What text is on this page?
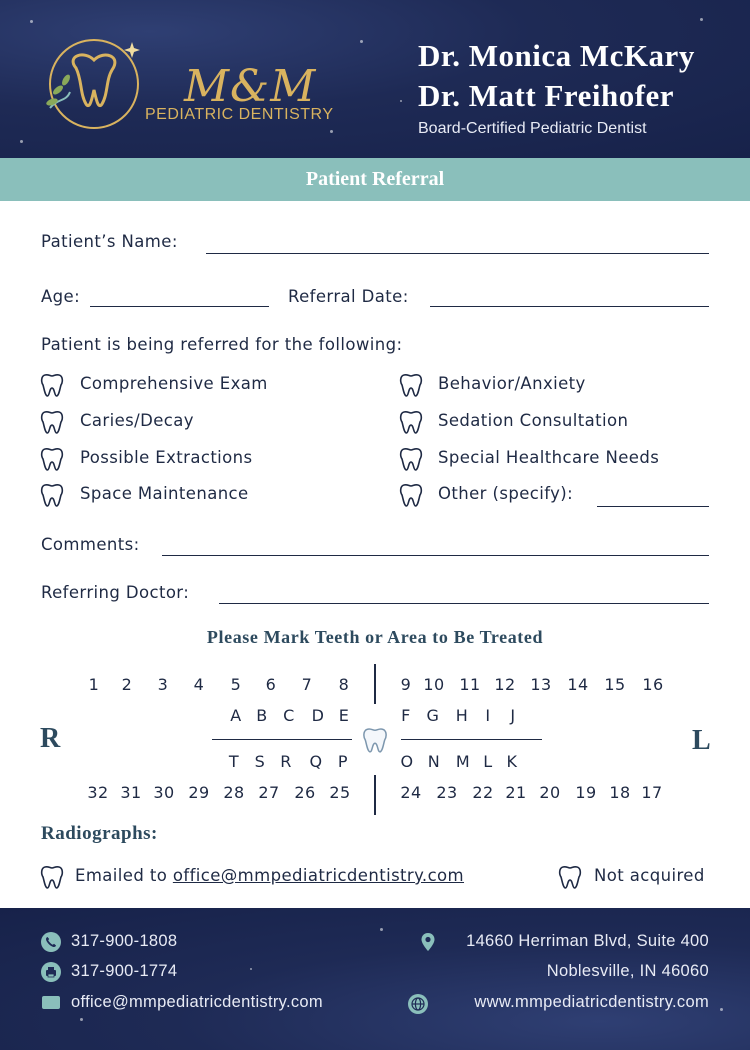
M&M
PEDIATRIC DENTISTRY
Dr. Monica McKary
Dr. Matt Freihofer
Board-Certified Pediatric Dentist
Patient Referral
Patient’s Name:
Age:	Referral Date:
Patient is being referred for the following:
Comprehensive Exam	Behavior/Anxiety
Caries/Decay	Sedation Consultation
Possible Extractions	Special Healthcare Needs
Space Maintenance	Other (specify):
Comments:
Referring Doctor:
Please Mark Teeth or Area to Be Treated
1	2	3	4	5	6	7	8	9 10 11 12 13 14 15 16
A B C	D E	F G	H	I	J
T S R	Q P	O N M L K
32 31 30 29 28 27 26 25	24 23 22 21 20 19 18 17
R	L
Radiographs:
Emailed to office@mmpediatricdentistry.com	Not acquired
317-900-1808
317-900-1774
office@mmpediatricdentistry.com
14660 Herriman Blvd, Suite 400
Noblesville, IN 46060
www.mmpediatricdentistry.com
